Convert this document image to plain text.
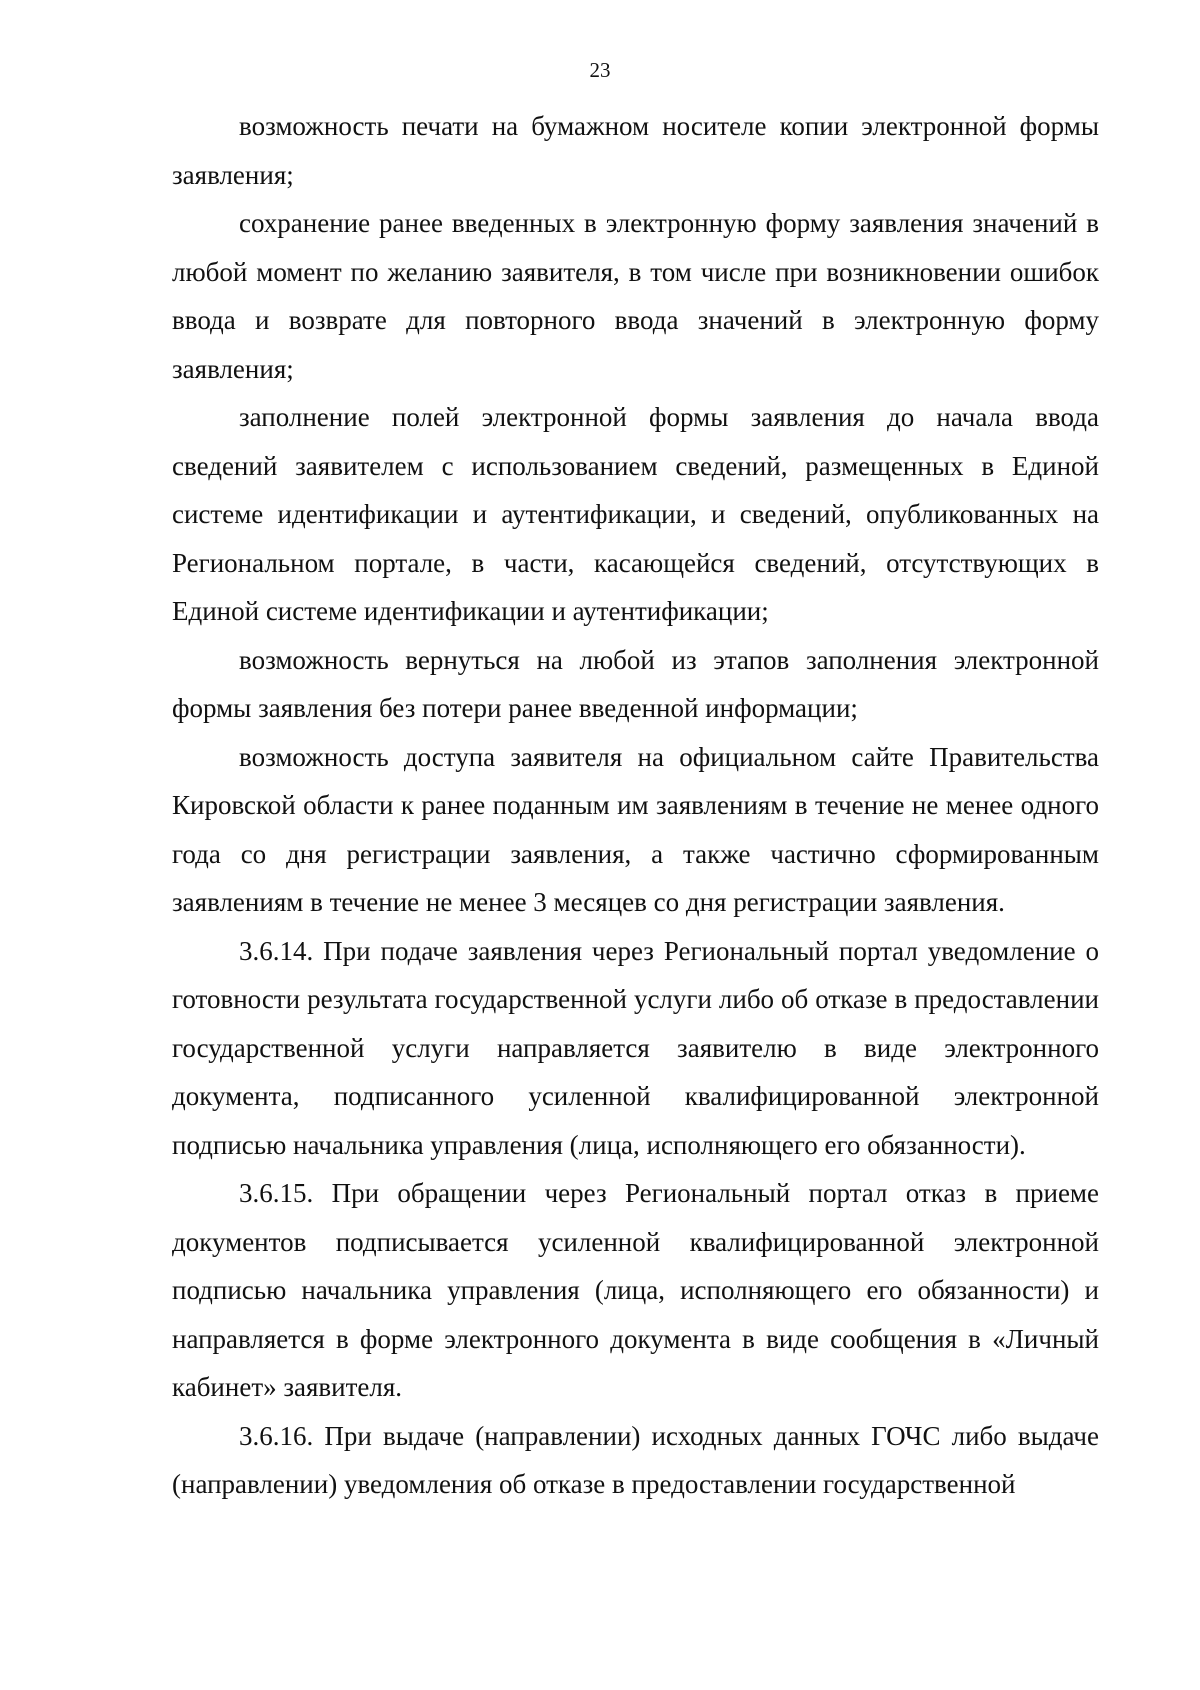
23

возможность печати на бумажном носителе копии электронной формы заявления;

сохранение ранее введенных в электронную форму заявления значений в любой момент по желанию заявителя, в том числе при возникновении ошибок ввода и возврате для повторного ввода значений в электронную форму заявления;

заполнение полей электронной формы заявления до начала ввода сведений заявителем с использованием сведений, размещенных в Единой системе идентификации и аутентификации, и сведений, опубликованных на Региональном портале, в части, касающейся сведений, отсутствующих в Единой системе идентификации и аутентификации;

возможность вернуться на любой из этапов заполнения электронной формы заявления без потери ранее введенной информации;

возможность доступа заявителя на официальном сайте Правительства Кировской области к ранее поданным им заявлениям в течение не менее одного года со дня регистрации заявления, а также частично сформированным заявлениям в течение не менее 3 месяцев со дня регистрации заявления.

3.6.14. При подаче заявления через Региональный портал уведомление о готовности результата государственной услуги либо об отказе в предоставлении государственной услуги направляется заявителю в виде электронного документа, подписанного усиленной квалифицированной электронной подписью начальника управления (лица, исполняющего его обязанности).

3.6.15. При обращении через Региональный портал отказ в приеме документов подписывается усиленной квалифицированной электронной подписью начальника управления (лица, исполняющего его обязанности) и направляется в форме электронного документа в виде сообщения в «Личный кабинет» заявителя.

3.6.16. При выдаче (направлении) исходных данных ГОЧС либо выдаче (направлении) уведомления об отказе в предоставлении государственной
